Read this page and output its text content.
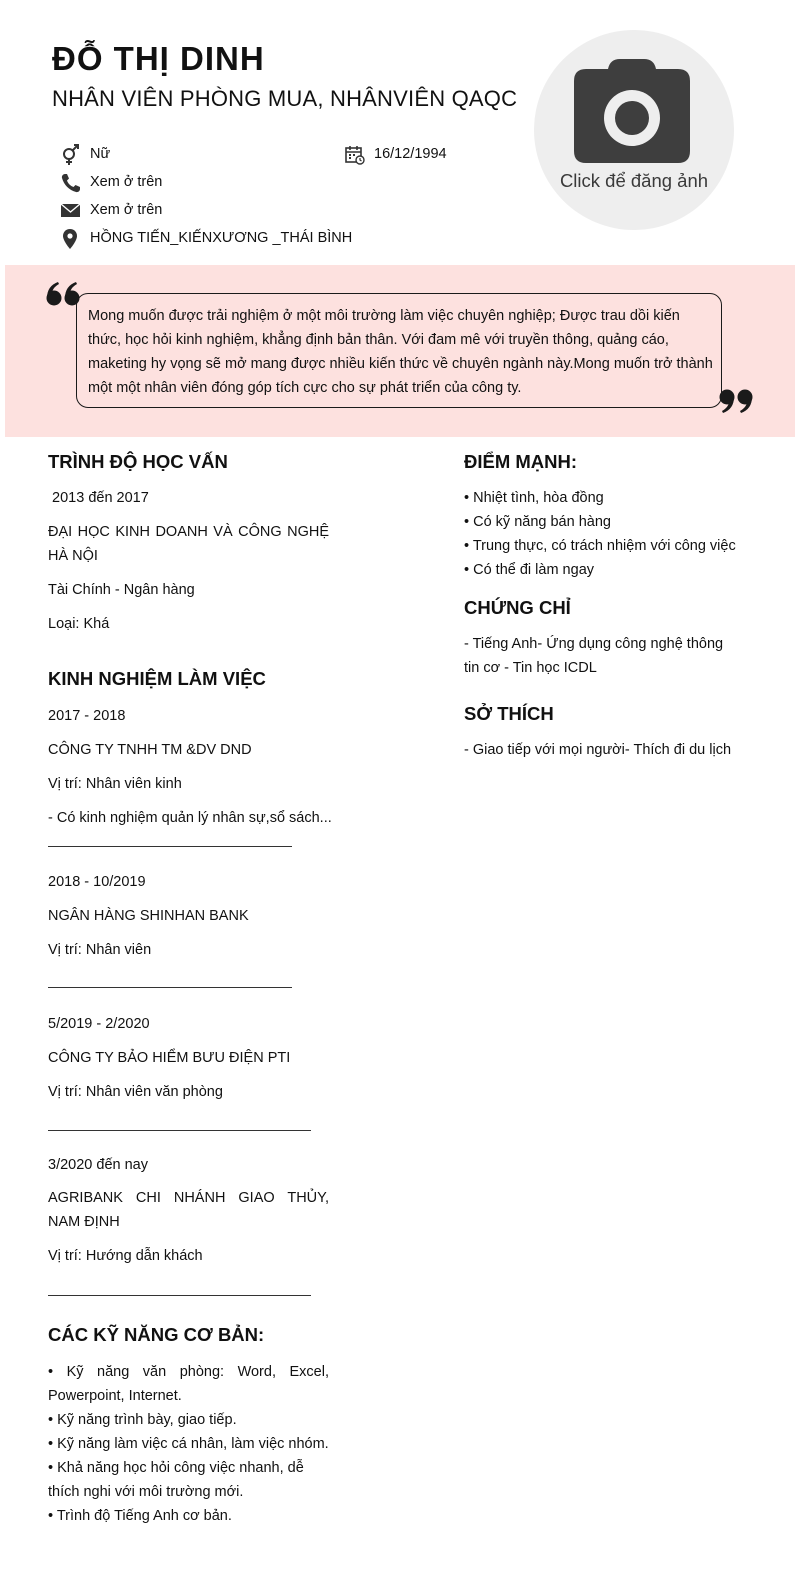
ĐỖ THỊ DINH
NHÂN VIÊN PHÒNG MUA, NHÂNVIÊN QAQC
Nữ	16/12/1994
Xem ở trên
Xem ở trên
HỒNG TIẾN_KIẾNXƯƠNG _THÁI BÌNH
Click để đăng ảnh
Mong muốn được trải nghiệm ở một môi trường làm việc chuyên nghiệp; Được trau dồi kiến thức, học hỏi kinh nghiệm, khẳng định bản thân. Với đam mê với truyền thông, quảng cáo, maketing hy vọng sẽ mở mang được nhiều kiến thức về chuyên ngành này.Mong muốn trở thành một một nhân viên đóng góp tích cực cho sự phát triển của công ty.
TRÌNH ĐỘ HỌC VẤN
2013 đến 2017
ĐẠI HỌC KINH DOANH VÀ CÔNG NGHỆ HÀ NỘI
Tài Chính - Ngân hàng
Loại: Khá
KINH NGHIỆM LÀM VIỆC
2017 - 2018
CÔNG TY TNHH TM &DV DND
Vị trí: Nhân viên kinh
- Có kinh nghiệm quản lý nhân sự,sổ sách...
2018 - 10/2019
NGÂN HÀNG SHINHAN BANK
Vị trí: Nhân viên
5/2019 - 2/2020
CÔNG TY BẢO HIỂM BƯU ĐIỆN PTI
Vị trí: Nhân viên văn phòng
3/2020 đến nay
AGRIBANK CHI NHÁNH GIAO THỦY, NAM ĐỊNH
Vị trí: Hướng dẫn khách
CÁC KỸ NĂNG CƠ BẢN:
• Kỹ năng văn phòng: Word, Excel, Powerpoint, Internet.
• Kỹ năng trình bày, giao tiếp.
• Kỹ năng làm việc cá nhân, làm việc nhóm.
• Khả năng học hỏi công việc nhanh, dễ thích nghi với môi trường mới.
• Trình độ Tiếng Anh cơ bản.
ĐIỂM MẠNH:
• Nhiệt tình, hòa đồng
• Có kỹ năng bán hàng
• Trung thực, có trách nhiệm với công việc
• Có thể đi làm ngay
CHỨNG CHỈ
- Tiếng Anh- Ứng dụng công nghệ thông tin cơ - Tin học ICDL
SỞ THÍCH
- Giao tiếp với mọi người- Thích đi du lịch
